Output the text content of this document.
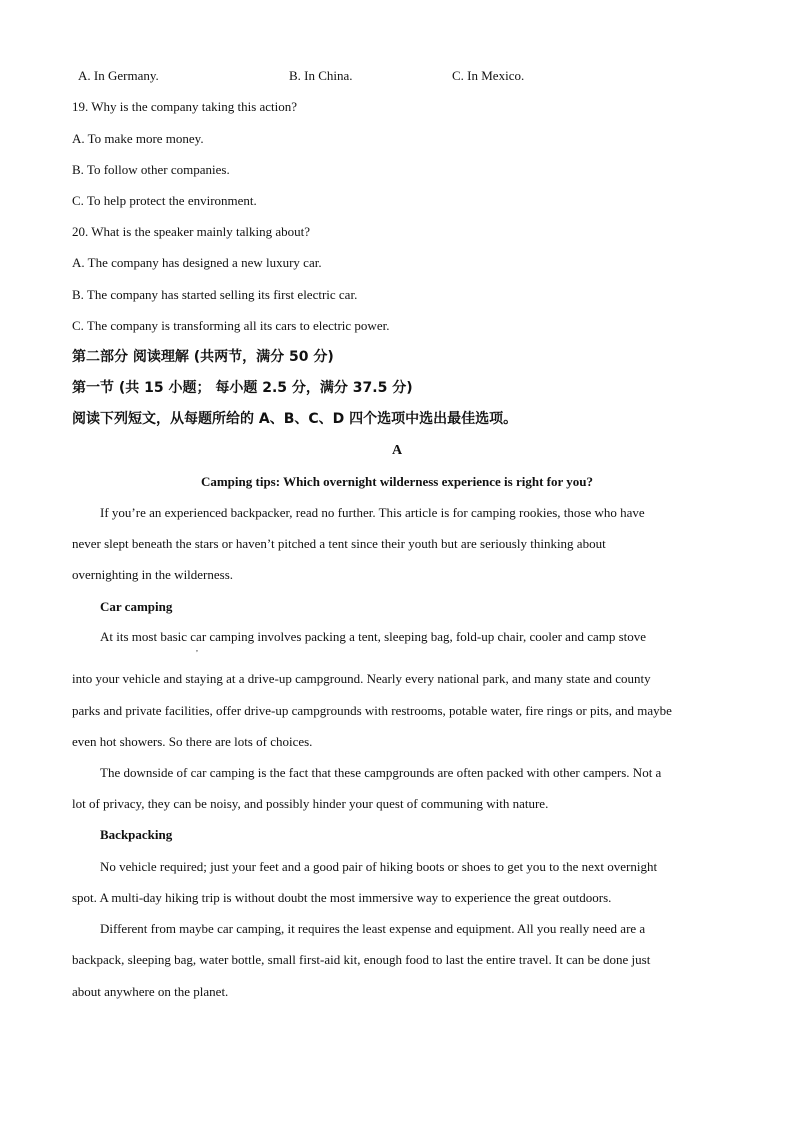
A. In Germany.	B. In China.	C. In Mexico.
19. Why is the company taking this action?
A. To make more money.
B. To follow other companies.
C. To help protect the environment.
20. What is the speaker mainly talking about?
A. The company has designed a new luxury car.
B. The company has started selling its first electric car.
C. The company is transforming all its cars to electric power.
第二部分 阅读理解 (共两节，满分 50 分)
第一节 (共 15 小题； 每小题 2.5 分，满分 37.5 分)
阅读下列短文，从每题所给的 A、B、C、D 四个选项中选出最佳选项。
A
Camping tips: Which overnight wilderness experience is right for you?
If you’re an experienced backpacker, read no further. This article is for camping rookies, those who have
never slept beneath the stars or haven’t pitched a tent since their youth but are seriously thinking about
overnighting in the wilderness.
Car camping
At its most basic car camping involves packing a tent, sleeping bag, fold-up chair, cooler and camp stove
,
into your vehicle and staying at a drive-up campground. Nearly every national park, and many state and county
parks and private facilities, offer drive-up campgrounds with restrooms, potable water, fire rings or pits, and maybe
even hot showers. So there are lots of choices.
The downside of car camping is the fact that these campgrounds are often packed with other campers. Not a
lot of privacy, they can be noisy, and possibly hinder your quest of communing with nature.
Backpacking
No vehicle required; just your feet and a good pair of hiking boots or shoes to get you to the next overnight
spot. A multi-day hiking trip is without doubt the most immersive way to experience the great outdoors.
Different from maybe car camping, it requires the least expense and equipment. All you really need are a
backpack, sleeping bag, water bottle, small first-aid kit, enough food to last the entire travel. It can be done just
about anywhere on the planet.
